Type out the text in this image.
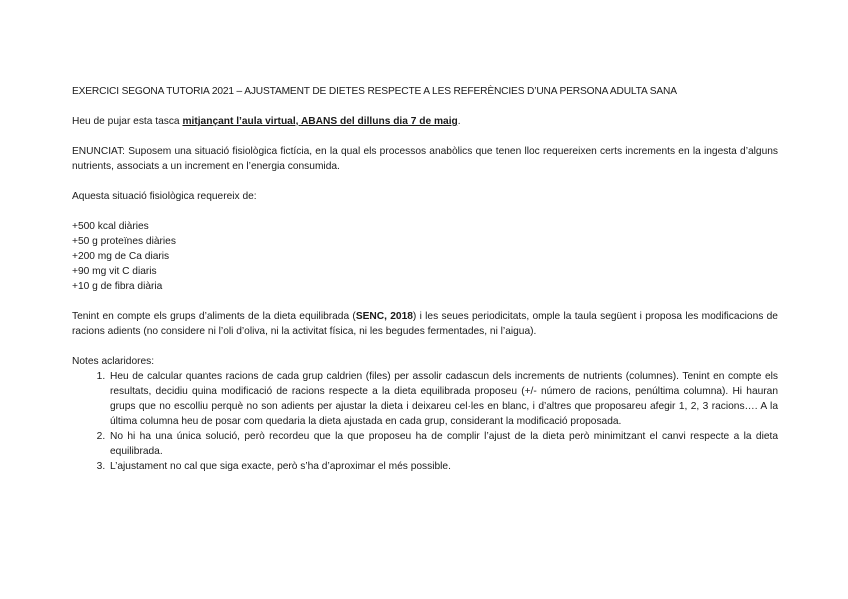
EXERCICI SEGONA TUTORIA 2021 – AJUSTAMENT DE DIETES RESPECTE A LES REFERÈNCIES D’UNA PERSONA ADULTA SANA

Heu de pujar esta tasca mitjançant l’aula virtual, ABANS del dilluns dia 7 de maig.

ENUNCIAT: Suposem una situació fisiològica fictícia, en la qual els processos anabòlics que tenen lloc requereixen certs increments en la ingesta d’alguns nutrients, associats a un increment en l’energia consumida.

Aquesta situació fisiològica requereix de:

+500 kcal diàries
+50 g proteïnes diàries
+200 mg de Ca diaris
+90 mg vit C diaris
+10 g de fibra diària

Tenint en compte els grups d’aliments de la dieta equilibrada (SENC, 2018) i les seues periodicitats, omple la taula següent i proposa les modificacions de racions adients (no considere ni l’oli d’oliva, ni la activitat física, ni les begudes fermentades, ni l’aigua).

Notes aclaridores:

1. Heu de calcular quantes racions de cada grup caldrien (files) per assolir cadascun dels increments de nutrients (columnes). Tenint en compte els resultats, decidiu quina modificació de racions respecte a la dieta equilibrada proposeu (+/- número de racions, penúltima columna). Hi hauran grups que no escolliu perquè no son adients per ajustar la dieta i deixareu cel·les en blanc, i d’altres que proposareu afegir 1, 2, 3 racions…. A la última columna heu de posar com quedaria la dieta ajustada en cada grup, considerant la modificació proposada.
2. No hi ha una única solució, però recordeu que la que proposeu ha de complir l’ajust de la dieta però minimitzant el canvi respecte a la dieta equilibrada.
3. L’ajustament no cal que siga exacte, però s’ha d’aproximar el més possible.
